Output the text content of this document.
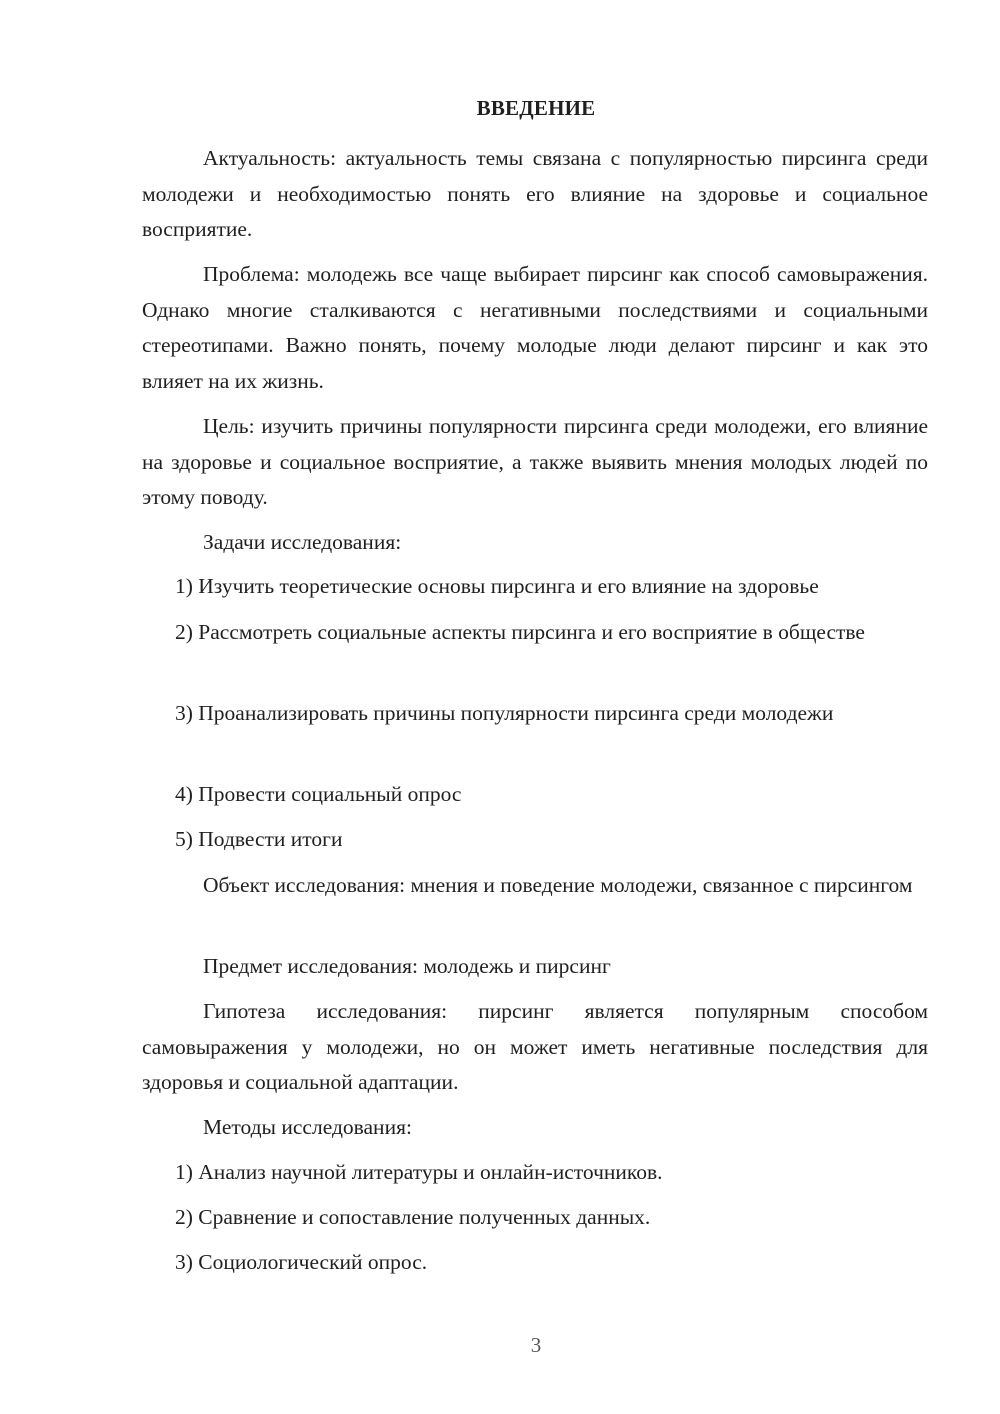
ВВЕДЕНИЕ

Актуальность: актуальность темы связана с популярностью пирсинга среди молодежи и необходимостью понять его влияние на здоровье и социальное восприятие.

Проблема: молодежь все чаще выбирает пирсинг как способ самовыражения. Однако многие сталкиваются с негативными последствиями и социальными стереотипами. Важно понять, почему молодые люди делают пирсинг и как это влияет на их жизнь.

Цель: изучить причины популярности пирсинга среди молодежи, его влияние на здоровье и социальное восприятие, а также выявить мнения молодых людей по этому поводу.

Задачи исследования:

1) Изучить теоретические основы пирсинга и его влияние на здоровье

2) Рассмотреть социальные аспекты пирсинга и его восприятие в обществе

3) Проанализировать причины популярности пирсинга среди молодежи

4) Провести социальный опрос

5) Подвести итоги

Объект исследования: мнения и поведение молодежи, связанное с пирсингом

Предмет исследования: молодежь и пирсинг

Гипотеза исследования: пирсинг является популярным способом самовыражения у молодежи, но он может иметь негативные последствия для здоровья и социальной адаптации.

Методы исследования:

1) Анализ научной литературы и онлайн-источников.

2) Сравнение и сопоставление полученных данных.

3) Социологический опрос.

3
